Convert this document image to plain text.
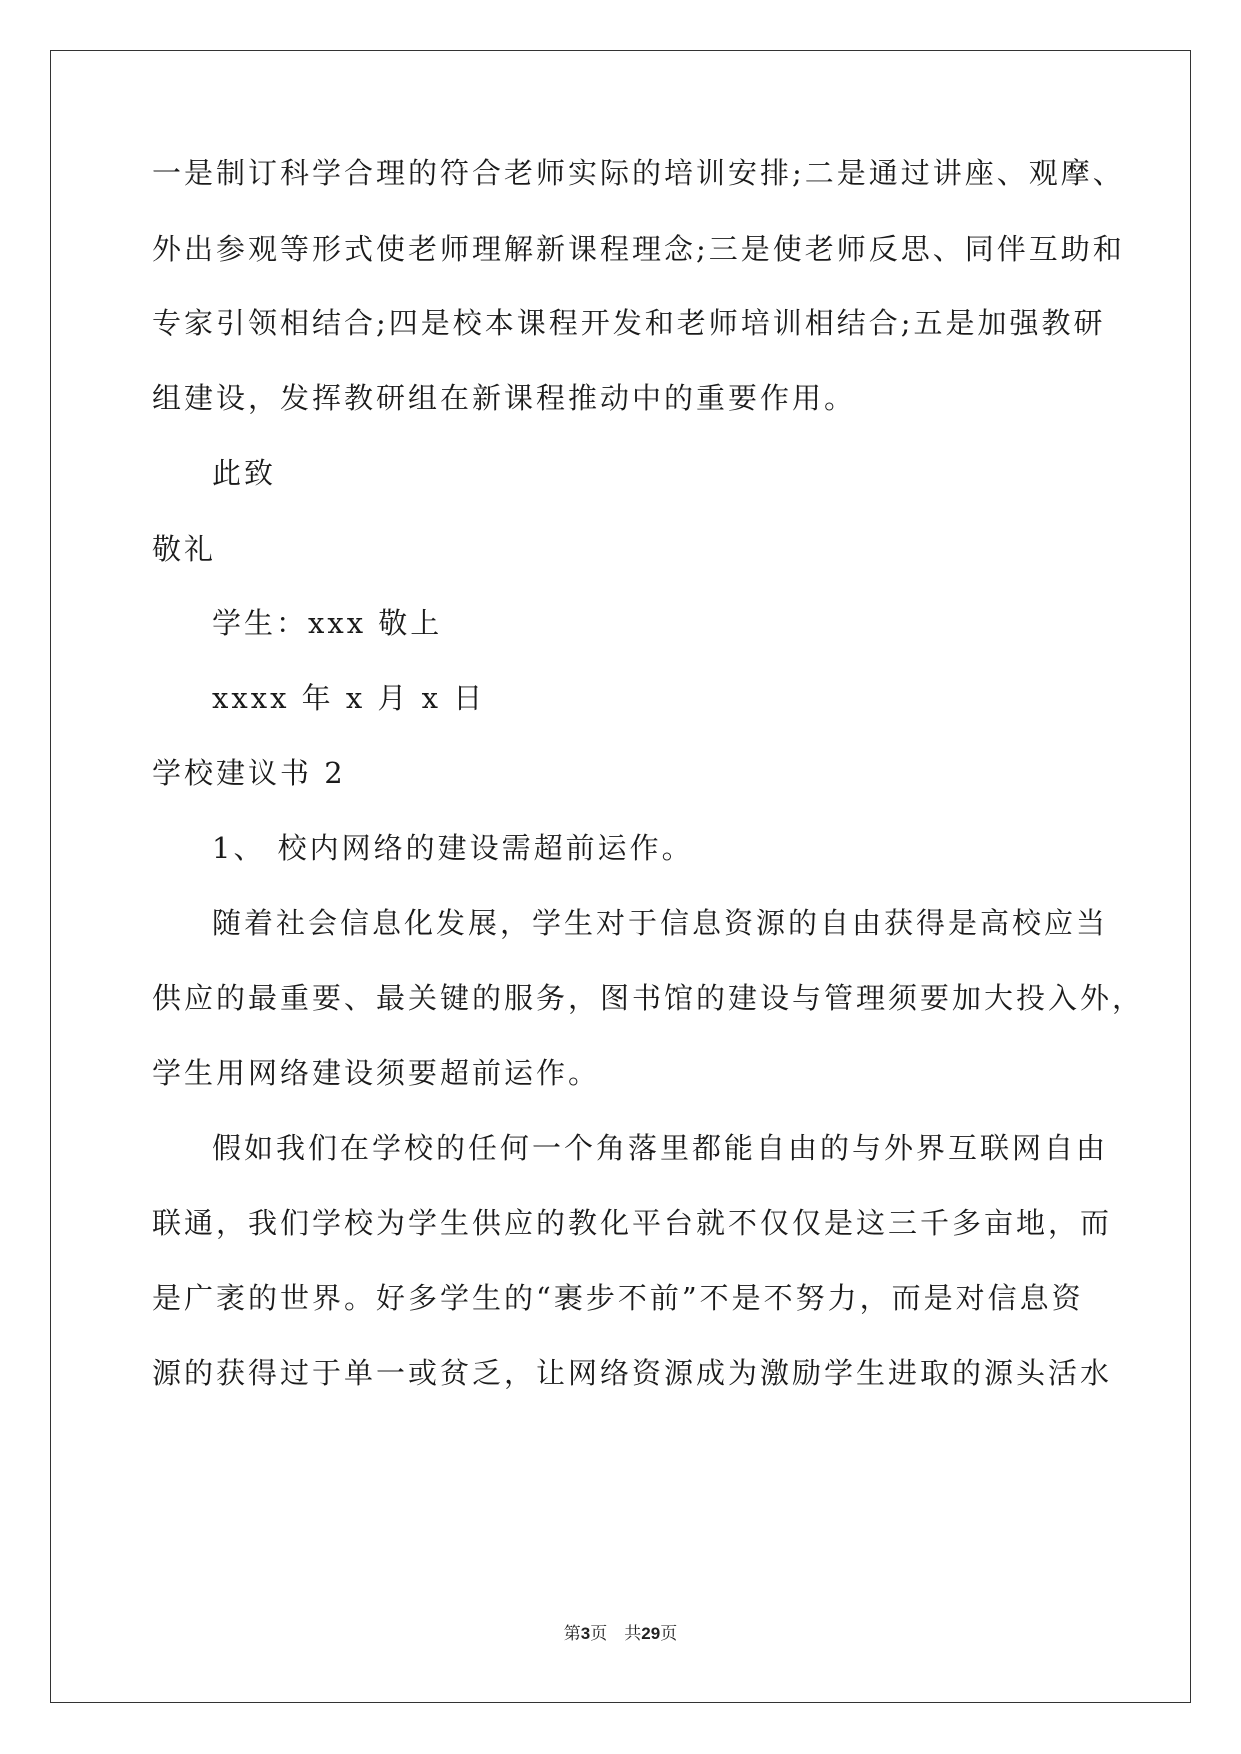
一是制订科学合理的符合老师实际的培训安排;二是通过讲座、观摩、
外出参观等形式使老师理解新课程理念;三是使老师反思、同伴互助和
专家引领相结合;四是校本课程开发和老师培训相结合;五是加强教研
组建设，发挥教研组在新课程推动中的重要作用。
此致
敬礼
学生：xxx 敬上
xxxx 年 x 月 x 日
学校建议书 2
1、 校内网络的建设需超前运作。
随着社会信息化发展，学生对于信息资源的自由获得是高校应当
供应的最重要、最关键的服务，图书馆的建设与管理须要加大投入外，
学生用网络建设须要超前运作。
假如我们在学校的任何一个角落里都能自由的与外界互联网自由
联通，我们学校为学生供应的教化平台就不仅仅是这三千多亩地，而
是广袤的世界。好多学生的“裹步不前”不是不努力，而是对信息资
源的获得过于单一或贫乏，让网络资源成为激励学生进取的源头活水
第3页　共29页
